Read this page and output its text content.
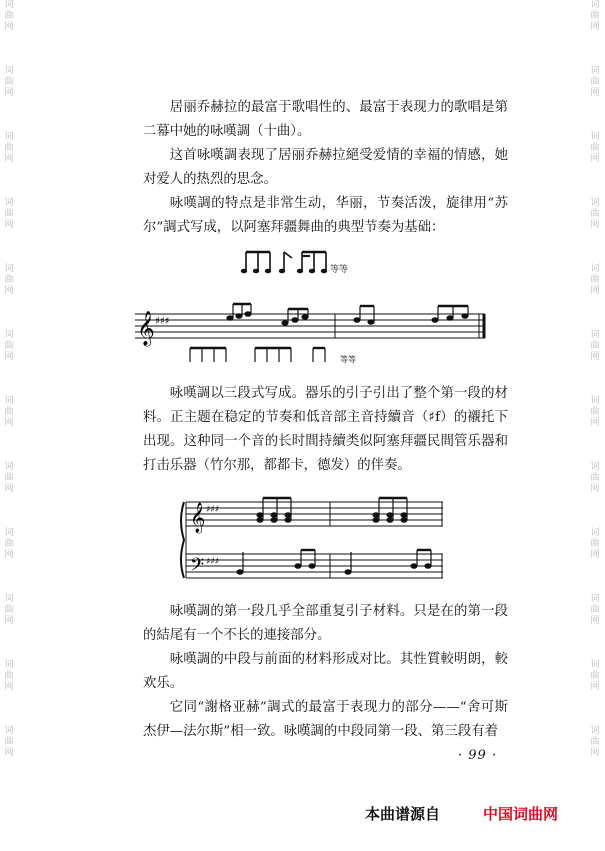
词
曲
网
词
曲
网
词
曲
网
词
曲
网
词
曲
网
词
曲
网
词
曲
网
词
曲
网
词
曲
网
词
曲
网
词
曲
网
词
曲
网
词
曲
网
词
曲
网
词
曲
网
词
曲
网
词
曲
网
词
曲
网
词
曲
网
词
曲
网
词
曲
网
词
曲
网
词
曲
网
词
曲
网

居丽乔赫拉的最富于歌唱性的、最富于表现力的歌唱是第二幕中她的咏嘆調（十曲）。

这首咏嘆調表现了居丽乔赫拉絕受爱情的幸福的情感，她对爱人的热烈的思念。

咏嘆調的特点是非常生动，华丽，节奏活泼，旋律用“苏尔”調式写成，以阿塞拜疆舞曲的典型节奏为基础：

等等
𝄞 ♯♯♯
等等

咏嘆調以三段式写成。器乐的引子引出了整个第一段的材料。正主题在稳定的节奏和低音部主音持續音（♯f）的襯托下出现。这种同一个音的长时間持續类似阿塞拜疆民間管乐器和打击乐器（竹尔那，都都卡，德发）的伴奏。

𝄞
𝄢
♯♯♯
♯♯♯

咏嘆調的第一段几乎全部重复引子材料。只是在的第一段的結尾有一个不长的連接部分。

咏嘆調的中段与前面的材料形成对比。其性質較明朗，較欢乐。

它同“謝格亚赫”調式的最富于表现力的部分——“舍可斯杰伊—法尔斯”相一致。咏嘆調的中段同第一段、第三段有着

· 99 ·
本曲谱源自	中国词曲网
